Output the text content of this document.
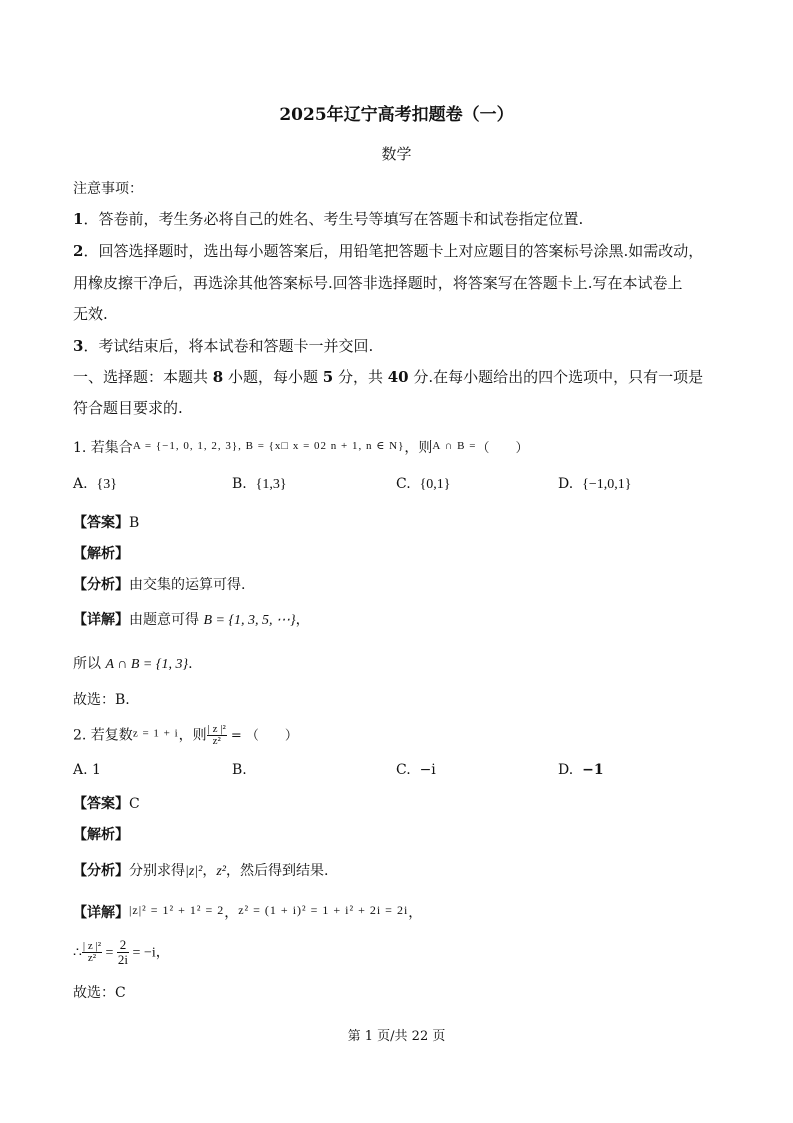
2025年辽宁高考扣题卷（一）
数学
注意事项：
1．答卷前，考生务必将自己的姓名、考生号等填写在答题卡和试卷指定位置.
2．回答选择题时，选出每小题答案后，用铅笔把答题卡上对应题目的答案标号涂黑.如需改动，
用橡皮擦干净后，再选涂其他答案标号.回答非选择题时，将答案写在答题卡上.写在本试卷上
无效.
3．考试结束后，将本试卷和答题卡一并交回.
一、选择题：本题共 8 小题，每小题 5 分，共 40 分.在每小题给出的四个选项中，只有一项是
符合题目要求的.
1. 若集合$^{A = \{-1, 0, 1, 2, 3\}, B = \{x□ x = 02 n + 1, n \in N\}}$，则$^{A \cap B =}$（　　）
A. {3}	B. {1,3}	C. {0,1}	D. {−1,0,1}
【答案】B
【解析】
【分析】由交集的运算可得.
【详解】由题意可得 B = {1, 3, 5, ⋯}，
所以 A ∩ B = {1, 3}.
故选：B.
2. 若复数$^{z = 1 + i}$，则 $\frac{\text{| z |²}}{\text{z²}}$ = （　　）
A. 1	B.	C. −i	D. −1
【答案】C
【解析】
【分析】分别求得|z|²，z²，然后得到结果.
【详解】|z|² = 1² + 1² = 2，z² = (1 + i)² = 1 + i² + 2i = 2i，
∴ $\frac{\text{| z |²}}{\text{z²}} = \frac{2}{2i} = -i$，
故选：C
第 1 页/共 22 页
